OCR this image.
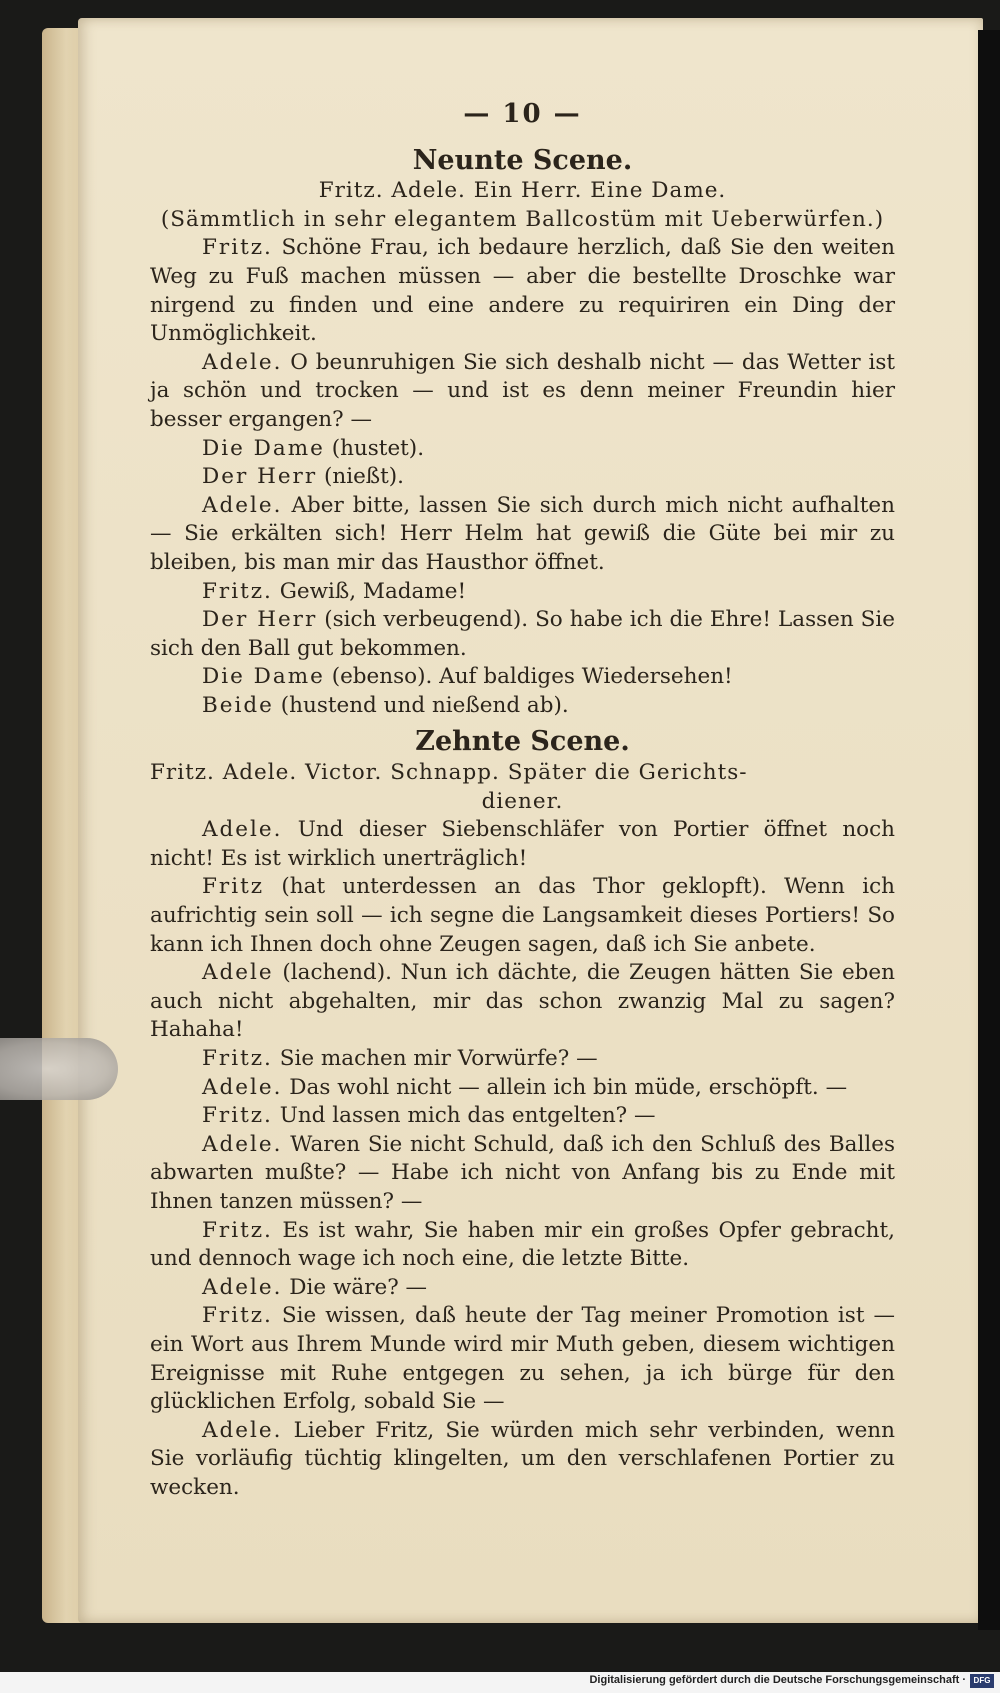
— 10 —
Neunte Scene.
Fritz. Adele. Ein Herr. Eine Dame.
(Sämmtlich in sehr elegantem Ballcostüm mit Ueberwürfen.)

Fritz. Schöne Frau, ich bedaure herzlich, daß Sie den weiten Weg zu Fuß machen müssen — aber die bestellte Droschke war nirgend zu finden und eine andere zu requiriren ein Ding der Unmöglichkeit.

Adele. O beunruhigen Sie sich deshalb nicht — das Wetter ist ja schön und trocken — und ist es denn meiner Freundin hier besser ergangen? —

Die Dame (hustet).

Der Herr (nießt).

Adele. Aber bitte, lassen Sie sich durch mich nicht aufhalten — Sie erkälten sich! Herr Helm hat gewiß die Güte bei mir zu bleiben, bis man mir das Hausthor öffnet.

Fritz. Gewiß, Madame!

Der Herr (sich verbeugend). So habe ich die Ehre! Lassen Sie sich den Ball gut bekommen.

Die Dame (ebenso). Auf baldiges Wiedersehen!

Beide (hustend und nießend ab).

Zehnte Scene.
Fritz. Adele. Victor. Schnapp. Später die Gerichts-
diener.

Adele. Und dieser Siebenschläfer von Portier öffnet noch nicht! Es ist wirklich unerträglich!

Fritz (hat unterdessen an das Thor geklopft). Wenn ich aufrichtig sein soll — ich segne die Langsamkeit dieses Portiers! So kann ich Ihnen doch ohne Zeugen sagen, daß ich Sie anbete.

Adele (lachend). Nun ich dächte, die Zeugen hätten Sie eben auch nicht abgehalten, mir das schon zwanzig Mal zu sagen? Hahaha!

Fritz. Sie machen mir Vorwürfe? —

Adele. Das wohl nicht — allein ich bin müde, erschöpft. —

Fritz. Und lassen mich das entgelten? —

Adele. Waren Sie nicht Schuld, daß ich den Schluß des Balles abwarten mußte? — Habe ich nicht von Anfang bis zu Ende mit Ihnen tanzen müssen? —

Fritz. Es ist wahr, Sie haben mir ein großes Opfer gebracht, und dennoch wage ich noch eine, die letzte Bitte.

Adele. Die wäre? —

Fritz. Sie wissen, daß heute der Tag meiner Promotion ist — ein Wort aus Ihrem Munde wird mir Muth geben, diesem wichtigen Ereignisse mit Ruhe entgegen zu sehen, ja ich bürge für den glücklichen Erfolg, sobald Sie —

Adele. Lieber Fritz, Sie würden mich sehr verbinden, wenn Sie vorläufig tüchtig klingelten, um den verschlafenen Portier zu wecken.

Digitalisierung gefördert durch die Deutsche Forschungsgemeinschaft · DFG
